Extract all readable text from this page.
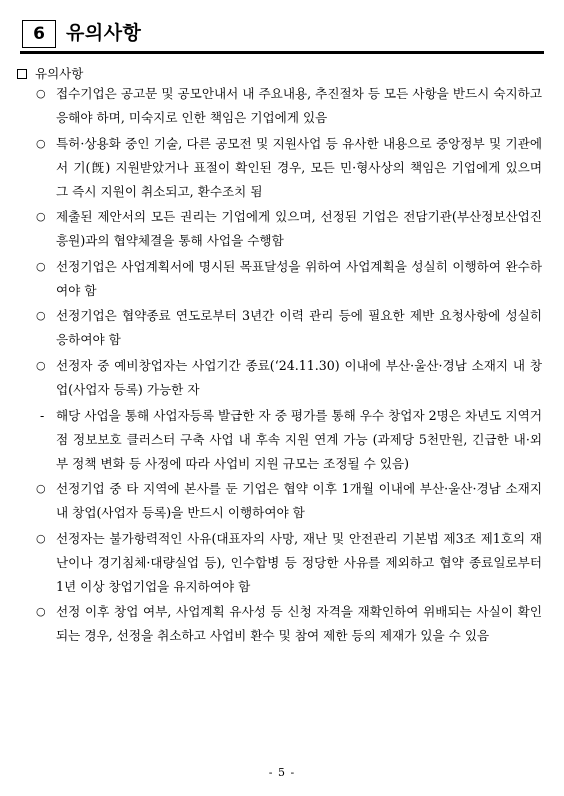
6	유의사항
유의사항
○ 접수기업은 공고문 및 공모안내서 내 주요내용, 추진절차 등 모든 사항을 반드시 숙지하고 응해야 하며, 미숙지로 인한 책임은 기업에게 있음
○ 특허·상용화 중인 기술, 다른 공모전 및 지원사업 등 유사한 내용으로 중앙정부 및 기관에서 기(旣) 지원받았거나 표절이 확인된 경우, 모든 민·형사상의 책임은 기업에게 있으며 그 즉시 지원이 취소되고, 환수조치 됨
○ 제출된 제안서의 모든 권리는 기업에게 있으며, 선정된 기업은 전담기관(부산정보산업진흥원)과의 협약체결을 통해 사업을 수행함
○ 선정기업은 사업계획서에 명시된 목표달성을 위하여 사업계획을 성실히 이행하여 완수하여야 함
○ 선정기업은 협약종료 연도로부터 3년간 이력 관리 등에 필요한 제반 요청사항에 성실히 응하여야 함
○ 선정자 중 예비창업자는 사업기간 종료(‘24.11.30) 이내에 부산·울산·경남 소재지 내 창업(사업자 등록) 가능한 자
- 해당 사업을 통해 사업자등록 발급한 자 중 평가를 통해 우수 창업자 2명은 차년도 지역거점 정보보호 클러스터 구축 사업 내 후속 지원 연계 가능 (과제당 5천만원, 긴급한 내·외부 정책 변화 등 사정에 따라 사업비 지원 규모는 조정될 수 있음)
○ 선정기업 중 타 지역에 본사를 둔 기업은 협약 이후 1개월 이내에 부산·울산·경남 소재지 내 창업(사업자 등록)을 반드시 이행하여야 함
○ 선정자는 불가항력적인 사유(대표자의 사망, 재난 및 안전관리 기본법 제3조 제1호의 재난이나 경기침체·대량실업 등), 인수합병 등 정당한 사유를 제외하고 협약 종료일로부터 1년 이상 창업기업을 유지하여야 함
○ 선정 이후 창업 여부, 사업계획 유사성 등 신청 자격을 재확인하여 위배되는 사실이 확인되는 경우, 선정을 취소하고 사업비 환수 및 참여 제한 등의 제재가 있을 수 있음
- 5 -
